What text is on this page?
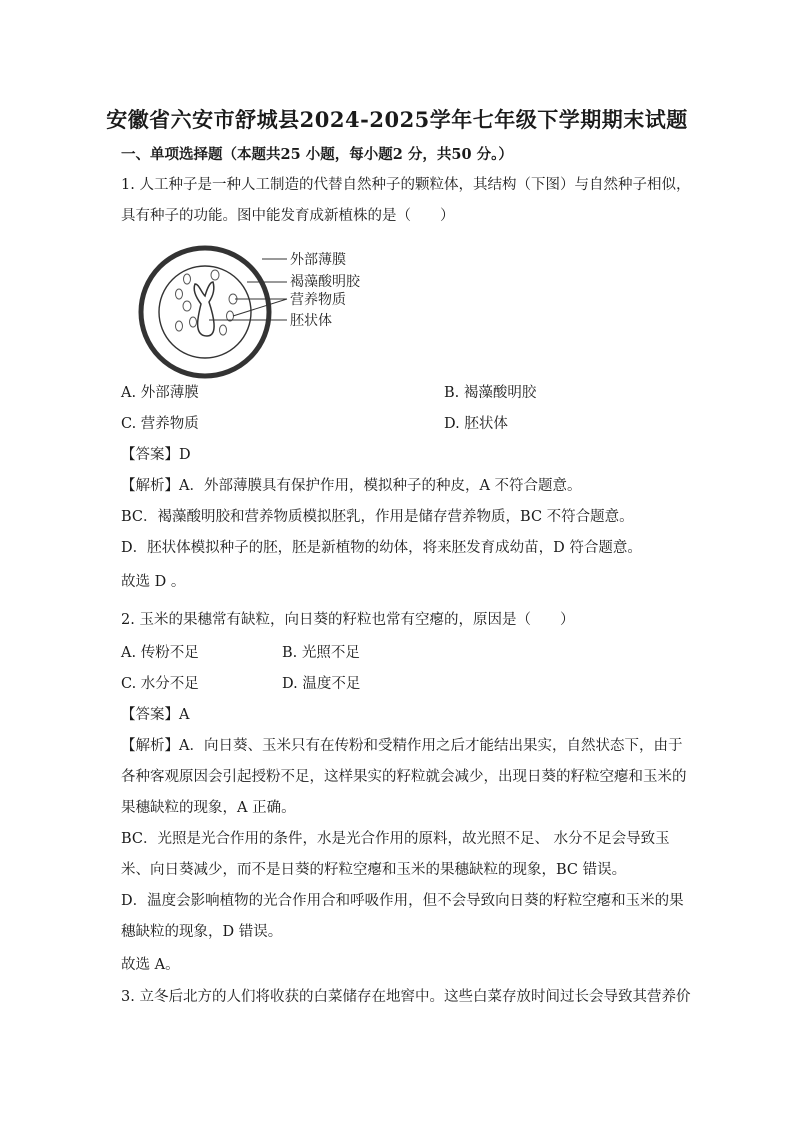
安徽省六安市舒城县2024-2025学年七年级下学期期末试题
一、单项选择题（本题共25 小题，每小题2 分，共50 分。）
1. 人工种子是一种人工制造的代替自然种子的颗粒体，其结构（下图）与自然种子相似，
具有种子的功能。图中能发育成新植株的是（　　）
外部薄膜
褐藻酸明胶
营养物质
胚状体
A. 外部薄膜	B. 褐藻酸明胶
C. 营养物质	D. 胚状体
【答案】D
【解析】A．外部薄膜具有保护作用，模拟种子的种皮，A 不符合题意。
BC．褐藻酸明胶和营养物质模拟胚乳，作用是储存营养物质，BC 不符合题意。
D．胚状体模拟种子的胚，胚是新植物的幼体，将来胚发育成幼苗，D 符合题意。
故选 D 。
2. 玉米的果穗常有缺粒，向日葵的籽粒也常有空瘪的，原因是（　　）
A. 传粉不足	B. 光照不足
C. 水分不足	D. 温度不足
【答案】A
【解析】A．向日葵、玉米只有在传粉和受精作用之后才能结出果实，自然状态下，由于
各种客观原因会引起授粉不足，这样果实的籽粒就会减少，出现日葵的籽粒空瘪和玉米的
果穗缺粒的现象，A 正确。
BC．光照是光合作用的条件，水是光合作用的原料，故光照不足、 水分不足会导致玉
米、向日葵减少，而不是日葵的籽粒空瘪和玉米的果穗缺粒的现象，BC 错误。
D．温度会影响植物的光合作用合和呼吸作用，但不会导致向日葵的籽粒空瘪和玉米的果
穗缺粒的现象，D 错误。
故选 A。
3. 立冬后北方的人们将收获的白菜储存在地窖中。这些白菜存放时间过长会导致其营养价
